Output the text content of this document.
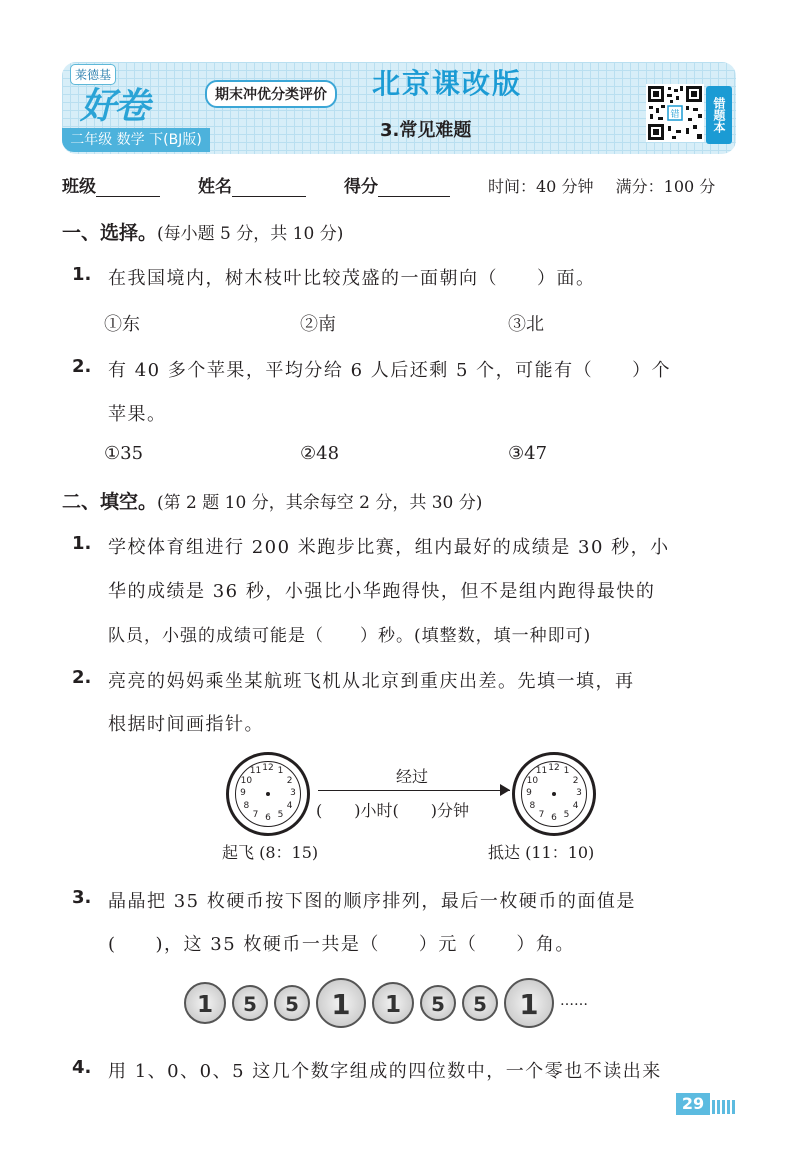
莱德基
好卷
二年级 数学 下(BJ版)
期末冲优分类评价	北京课改版
3.常见难题
错	错题本
班级	姓名	得分	时间：40 分钟 满分：100 分
一、选择。(每小题 5 分，共 10 分)
1. 在我国境内，树木枝叶比较茂盛的一面朝向（　　）面。
①东	②南	③北
2. 有 40 多个苹果，平均分给 6 人后还剩 5 个，可能有（　　）个
苹果。
①35	②48	③47
二、填空。(第 2 题 10 分，其余每空 2 分，共 30 分)
1. 学校体育组进行 200 米跑步比赛，组内最好的成绩是 30 秒，小
华的成绩是 36 秒，小强比小华跑得快，但不是组内跑得最快的
队员，小强的成绩可能是（　　）秒。(填整数，填一种即可)
2. 亮亮的妈妈乘坐某航班飞机从北京到重庆出差。先填一填，再
根据时间画指针。
12 1
2
3
4
5
6
7
8
9
10
11	12 1
2
3
4
5
6
7
8
9
10
11
经过
(　　)小时(　　)分钟
起飞 (8：15)	抵达 (11：10)
3. 晶晶把 35 枚硬币按下图的顺序排列，最后一枚硬币的面值是
(　　)，这 35 枚硬币一共是（　　）元（　　）角。
1	5	5	1	1	5	5	1	……
4. 用 1、0、0、5 这几个数字组成的四位数中，一个零也不读出来
29
